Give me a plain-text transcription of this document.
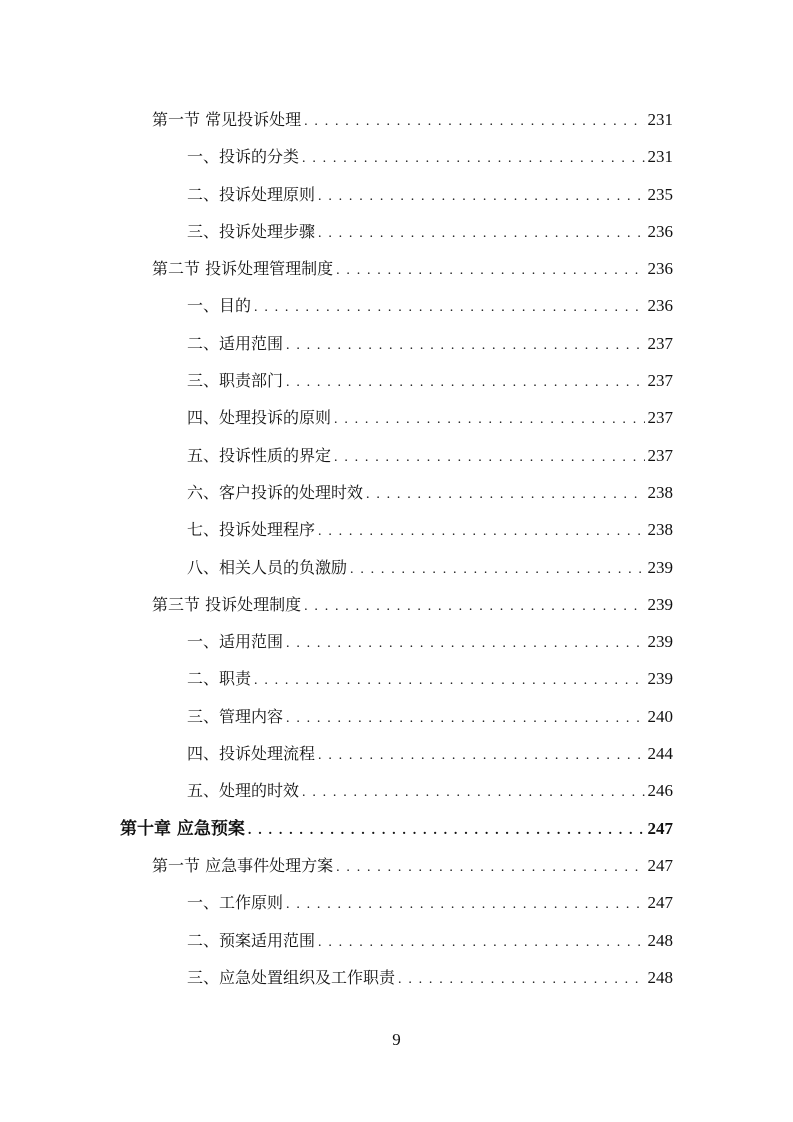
第一节 常见投诉处理 . . .	231
一、投诉的分类 . . .	231
二、投诉处理原则 . . .	235
三、投诉处理步骤 . . .	236
第二节 投诉处理管理制度 . . .	236
一、目的 . . .	236
二、适用范围 . . .	237
三、职责部门 . . .	237
四、处理投诉的原则 . . .	237
五、投诉性质的界定 . . .	237
六、客户投诉的处理时效 . . .	238
七、投诉处理程序 . . .	238
八、相关人员的负激励 . . .	239
第三节 投诉处理制度 . . .	239
一、适用范围 . . .	239
二、职责 . . .	239
三、管理内容 . . .	240
四、投诉处理流程 . . .	244
五、处理的时效 . . .	246
第十章 应急预案 . . .	247
第一节 应急事件处理方案 . . .	247
一、工作原则 . . .	247
二、预案适用范围 . . .	248
三、应急处置组织及工作职责 . . .	248
9
